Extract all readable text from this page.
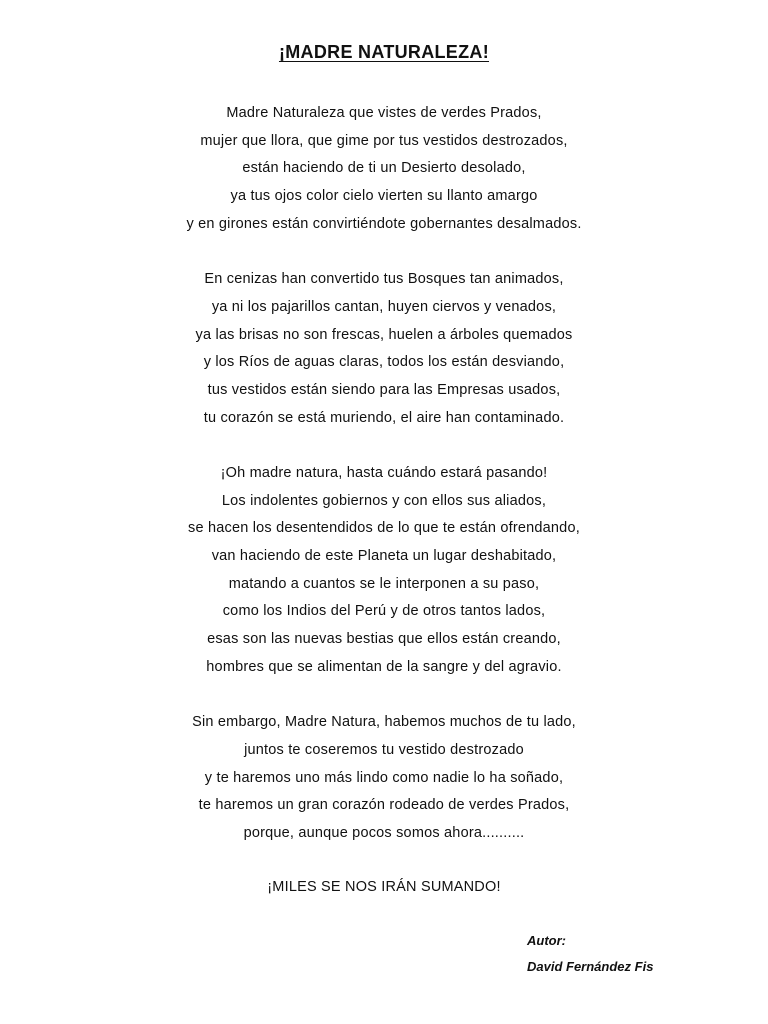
¡MADRE NATURALEZA!
Madre Naturaleza que vistes de verdes Prados,
mujer que llora, que gime por tus vestidos destrozados,
están haciendo de ti un Desierto desolado,
ya tus ojos color cielo vierten su llanto amargo
y en girones están convirtiéndote gobernantes desalmados.
En cenizas han convertido tus Bosques tan animados,
ya ni los pajarillos cantan, huyen ciervos y venados,
ya las brisas no son frescas, huelen a árboles quemados
y los Ríos de aguas claras, todos los están desviando,
tus vestidos están siendo para las Empresas usados,
tu corazón se está muriendo, el aire han contaminado.
¡Oh madre natura, hasta cuándo estará pasando!
Los indolentes gobiernos y con ellos sus aliados,
se hacen los desentendidos de lo que te están ofrendando,
van haciendo de este Planeta un lugar deshabitado,
matando a cuantos se le interponen a su paso,
como los Indios del Perú y de otros tantos lados,
esas son las nuevas bestias que ellos están creando,
hombres que se alimentan de la sangre y del agravio.
Sin embargo, Madre Natura, habemos muchos de tu lado,
juntos te coseremos tu vestido destrozado
y te haremos uno más lindo como nadie lo ha soñado,
te haremos un gran corazón rodeado de verdes Prados,
porque, aunque pocos somos ahora..........
¡MILES SE NOS IRÁN SUMANDO!
Autor:
David Fernández Fis
